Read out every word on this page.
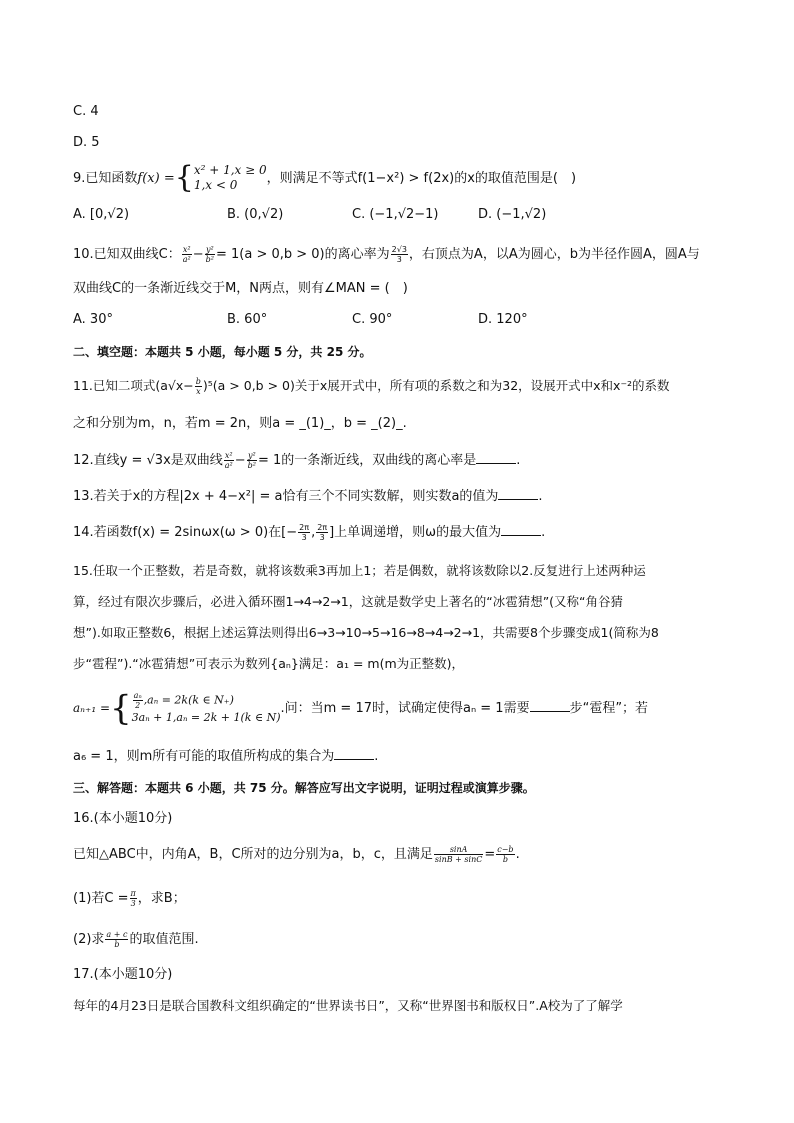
C. 4
D. 5
9.已知函数f(x) ={ x² + 1,x ≥ 0
1,x < 0	，则满足不等式f(1−x²) > f(2x)的x的取值范围是(　)
A. [0,√2)	B. (0,√2)	C. (−1,√2−1)	D. (−1,√2)
10.已知双曲线C： $\frac{\text{x²}}{\text{a²}} - \frac{\text{y²}}{\text{b²}} = 1(a > 0,b > 0)$的离心率为 $\frac{2√3}{3}$ ，右顶点为A，以A为圆心，b为半径作圆A，圆A与
双曲线C的一条渐近线交于M，N两点，则有∠MAN = (　)
A. 30°	B. 60°	C. 90°	D. 120°
二、填空题：本题共 5 小题，每小题 5 分，共 25 分。
11.已知二项式$(a√x- \frac{b}{x} )^5(a > 0,b > 0)$关于x展开式中，所有项的系数之和为32，设展开式中x和x⁻²的系数
之和分别为m，n，若m = 2n，则a = _(1)_，b = _(2)_.
12.直线y = √3x是双曲线 $\frac{\text{x²}}{\text{a²}} - \frac{\text{y²}}{\text{b²}} = 1$的一条渐近线，双曲线的离心率是	.
13.若关于x的方程|2x + 4−x²| = a恰有三个不同实数解，则实数a的值为	.
14.若函数f(x) = 2sinωx(ω > 0)在[− $\frac{2\pi}{3}$ , $\frac{2\pi}{3}$ ]上单调递增，则ω的最大值为	.
15.任取一个正整数，若是奇数，就将该数乘3再加上1；若是偶数，就将该数除以2.反复进行上述两种运
算，经过有限次步骤后，必进入循环圈1→4→2→1，这就是数学史上著名的“冰雹猜想”(又称“角谷猜
想”).如取正整数6，根据上述运算法则得出6→3→10→5→16→8→4→2→1，共需要8个步骤变成1(简称为8
步“雹程”).“冰雹猜想”可表示为数列{aₙ}满足：a₁ = m(m为正整数)，
aₙ₊₁ ={ $\frac{\text{aₙ}}{2} ,a_n = 2k(k$ ∈ N₊)
3aₙ + 1,aₙ = 2k + 1(k ∈ N)
.问：当m = 17时，试确定使得aₙ = 1需要	步“雹程”；若
a₆ = 1，则m所有可能的取值所构成的集合为	.
三、解答题：本题共 6 小题，共 75 分。解答应写出文字说明，证明过程或演算步骤。
16.(本小题10分)
已知△ABC中，内角A，B，C所对的边分别为a，b，c，且满足 $\frac{\sin A}{\sin B + \sin C} = \frac{c-b}{b}$ .
(1)若$C = \frac{\pi}{3}$ ，求B；
(2)求 $\frac{a + c}{b}$ 的取值范围.
17.(本小题10分)
每年的4月23日是联合国教科文组织确定的“世界读书日”，又称“世界图书和版权日”.A校为了了解学
